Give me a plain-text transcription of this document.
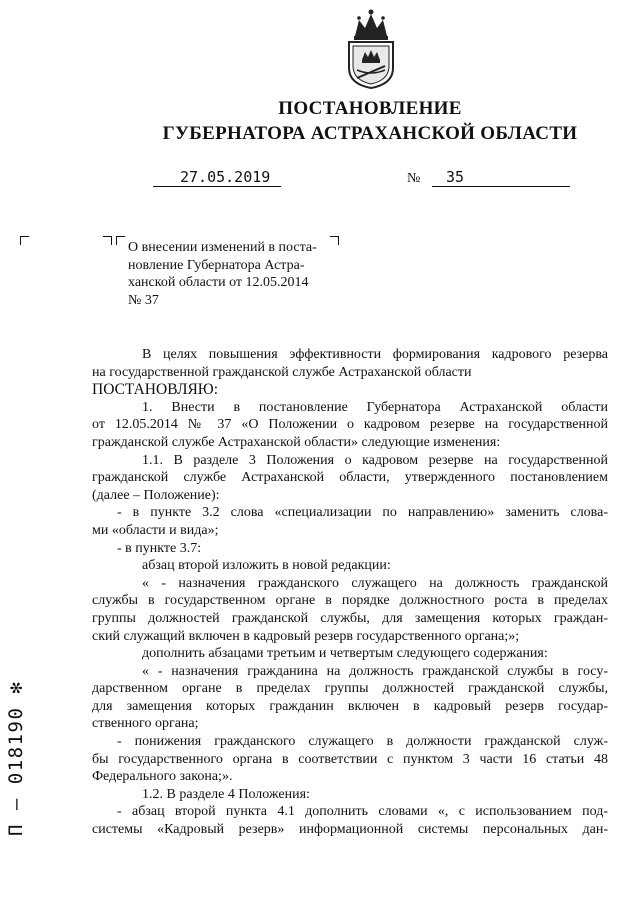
ПОСТАНОВЛЕНИЕ
ГУБЕРНАТОРА АСТРАХАНСКОЙ ОБЛАСТИ
27.05.2019	№ 35
О внесении изменений в поста-
новление Губернатора Астра-
ханской области от 12.05.2014
№ 37
В целях повышения эффективности формирования кадрового резерва
на государственной гражданской службе Астраханской области
ПОСТАНОВЛЯЮ:
1. Внести в постановление Губернатора Астраханской области
от 12.05.2014 № 37 «О Положении о кадровом резерве на государственной
гражданской службе Астраханской области» следующие изменения:
1.1. В разделе 3 Положения о кадровом резерве на государственной
гражданской службе Астраханской области, утвержденного постановлением
(далее – Положение):
- в пункте 3.2 слова «специализации по направлению» заменить слова-
ми «области и вида»;
- в пункте 3.7:
абзац второй изложить в новой редакции:
« - назначения гражданского служащего на должность гражданской
службы в государственном органе в порядке должностного роста в пределах
группы должностей гражданской службы, для замещения которых граждан-
ский служащий включен в кадровый резерв государственного органа;»;
дополнить абзацами третьим и четвертым следующего содержания:
« - назначения гражданина на должность гражданской службы в госу-
дарственном органе в пределах группы должностей гражданской службы,
для замещения которых гражданин включен в кадровый резерв государ-
ственного органа;
- понижения гражданского служащего в должности гражданской служ-
бы государственного органа в соответствии с пунктом 3 части 16 статьи 48
Федерального закона;».
1.2. В разделе 4 Положения:
- абзац второй пункта 4.1 дополнить словами «, с использованием под-
системы «Кадровый резерв» информационной системы персональных дан-
П – 018190 ✻
